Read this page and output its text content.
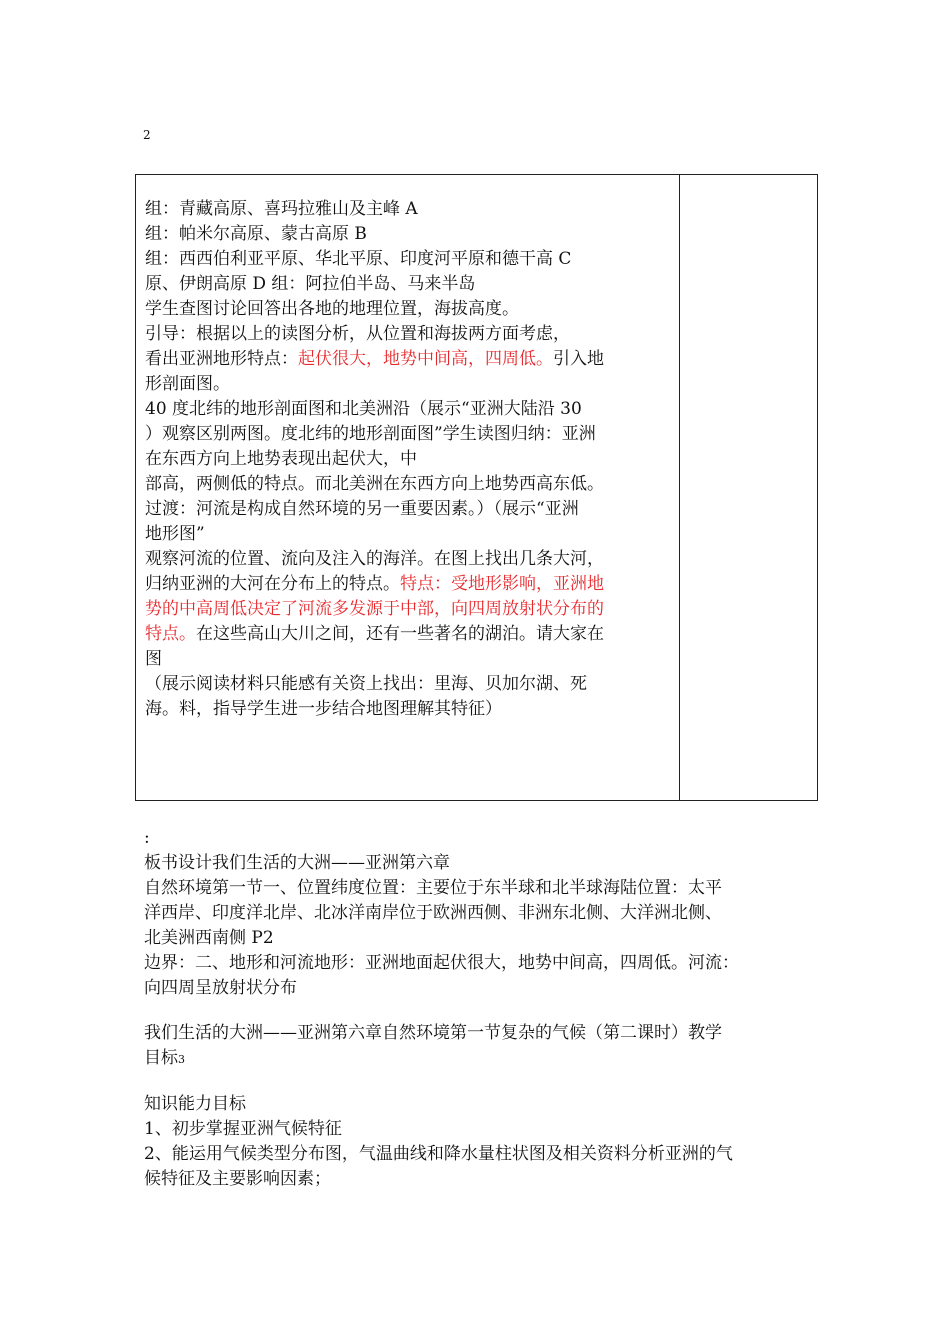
2

组：青藏高原、喜玛拉雅山及主峰 A

组：帕米尔高原、蒙古高原 B

组：西西伯利亚平原、华北平原、印度河平原和德干高 C

原、伊朗高原 D 组：阿拉伯半岛、马来半岛

学生查图讨论回答出各地的地理位置，海拔高度。

引导：根据以上的读图分析，从位置和海拔两方面考虑，

看出亚洲地形特点：起伏很大，地势中间高，四周低。引入地

形剖面图。

40 度北纬的地形剖面图和北美洲沿（展示“亚洲大陆沿 30

）观察区别两图。度北纬的地形剖面图”学生读图归纳：亚洲

在东西方向上地势表现出起伏大，中

部高，两侧低的特点。而北美洲在东西方向上地势西高东低。

过渡：河流是构成自然环境的另一重要因素。）（展示“亚洲

地形图”

观察河流的位置、流向及注入的海洋。在图上找出几条大河，

归纳亚洲的大河在分布上的特点。特点：受地形影响，亚洲地

势的中高周低决定了河流多发源于中部，向四周放射状分布的

特点。在这些高山大川之间，还有一些著名的湖泊。请大家在

图

（展示阅读材料只能感有关资上找出：里海、贝加尔湖、死

海。料，指导学生进一步结合地图理解其特征）

:

板书设计我们生活的大洲——亚洲第六章

自然环境第一节一、位置纬度位置：主要位于东半球和北半球海陆位置：太平

洋西岸、印度洋北岸、北冰洋南岸位于欧洲西侧、非洲东北侧、大洋洲北侧、

北美洲西南侧 P2

边界：二、地形和河流地形：亚洲地面起伏很大，地势中间高，四周低。河流：

向四周呈放射状分布

我们生活的大洲——亚洲第六章自然环境第一节复杂的气候（第二课时）教学

目标3

知识能力目标

1、初步掌握亚洲气候特征

2、能运用气候类型分布图，气温曲线和降水量柱状图及相关资料分析亚洲的气

候特征及主要影响因素；
